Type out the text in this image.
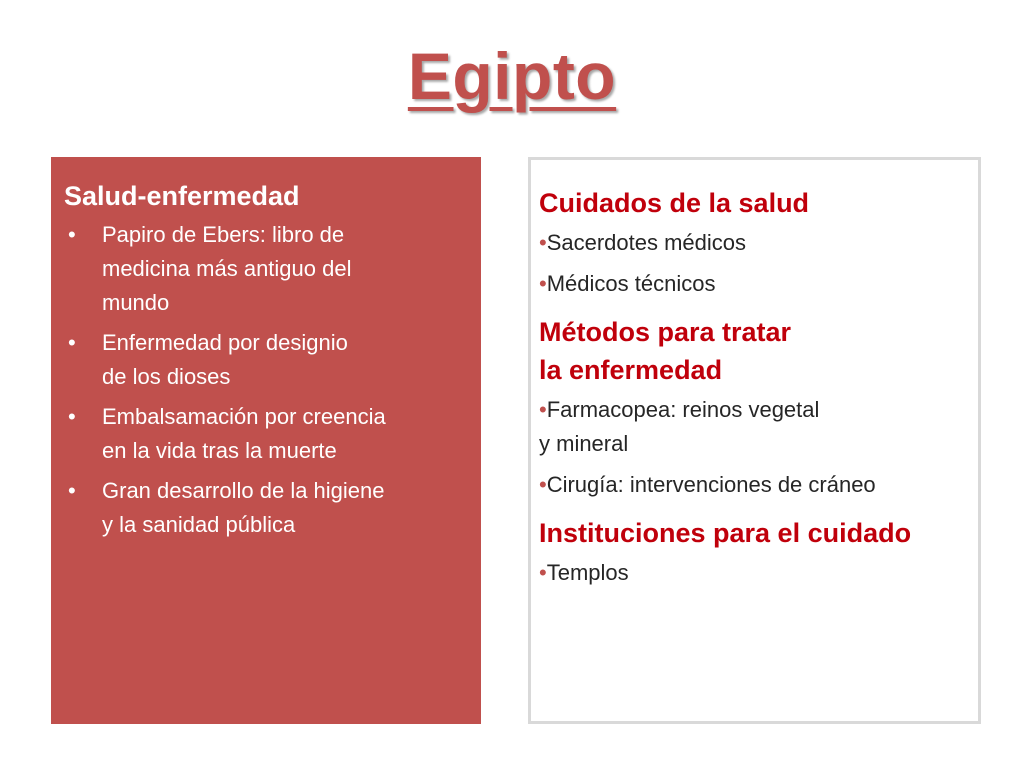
Egipto
Salud-enfermedad
• Papiro de Ebers: libro de
medicina más antiguo del
mundo
• Enfermedad por designio
de los dioses
• Embalsamación por creencia
en la vida tras la muerte
• Gran desarrollo de la higiene
y la sanidad pública
Cuidados de la salud
•Sacerdotes médicos
•Médicos técnicos
Métodos para tratar
la enfermedad
•Farmacopea: reinos vegetal
y mineral
•Cirugía: intervenciones de cráneo
Instituciones para el cuidado
•Templos
